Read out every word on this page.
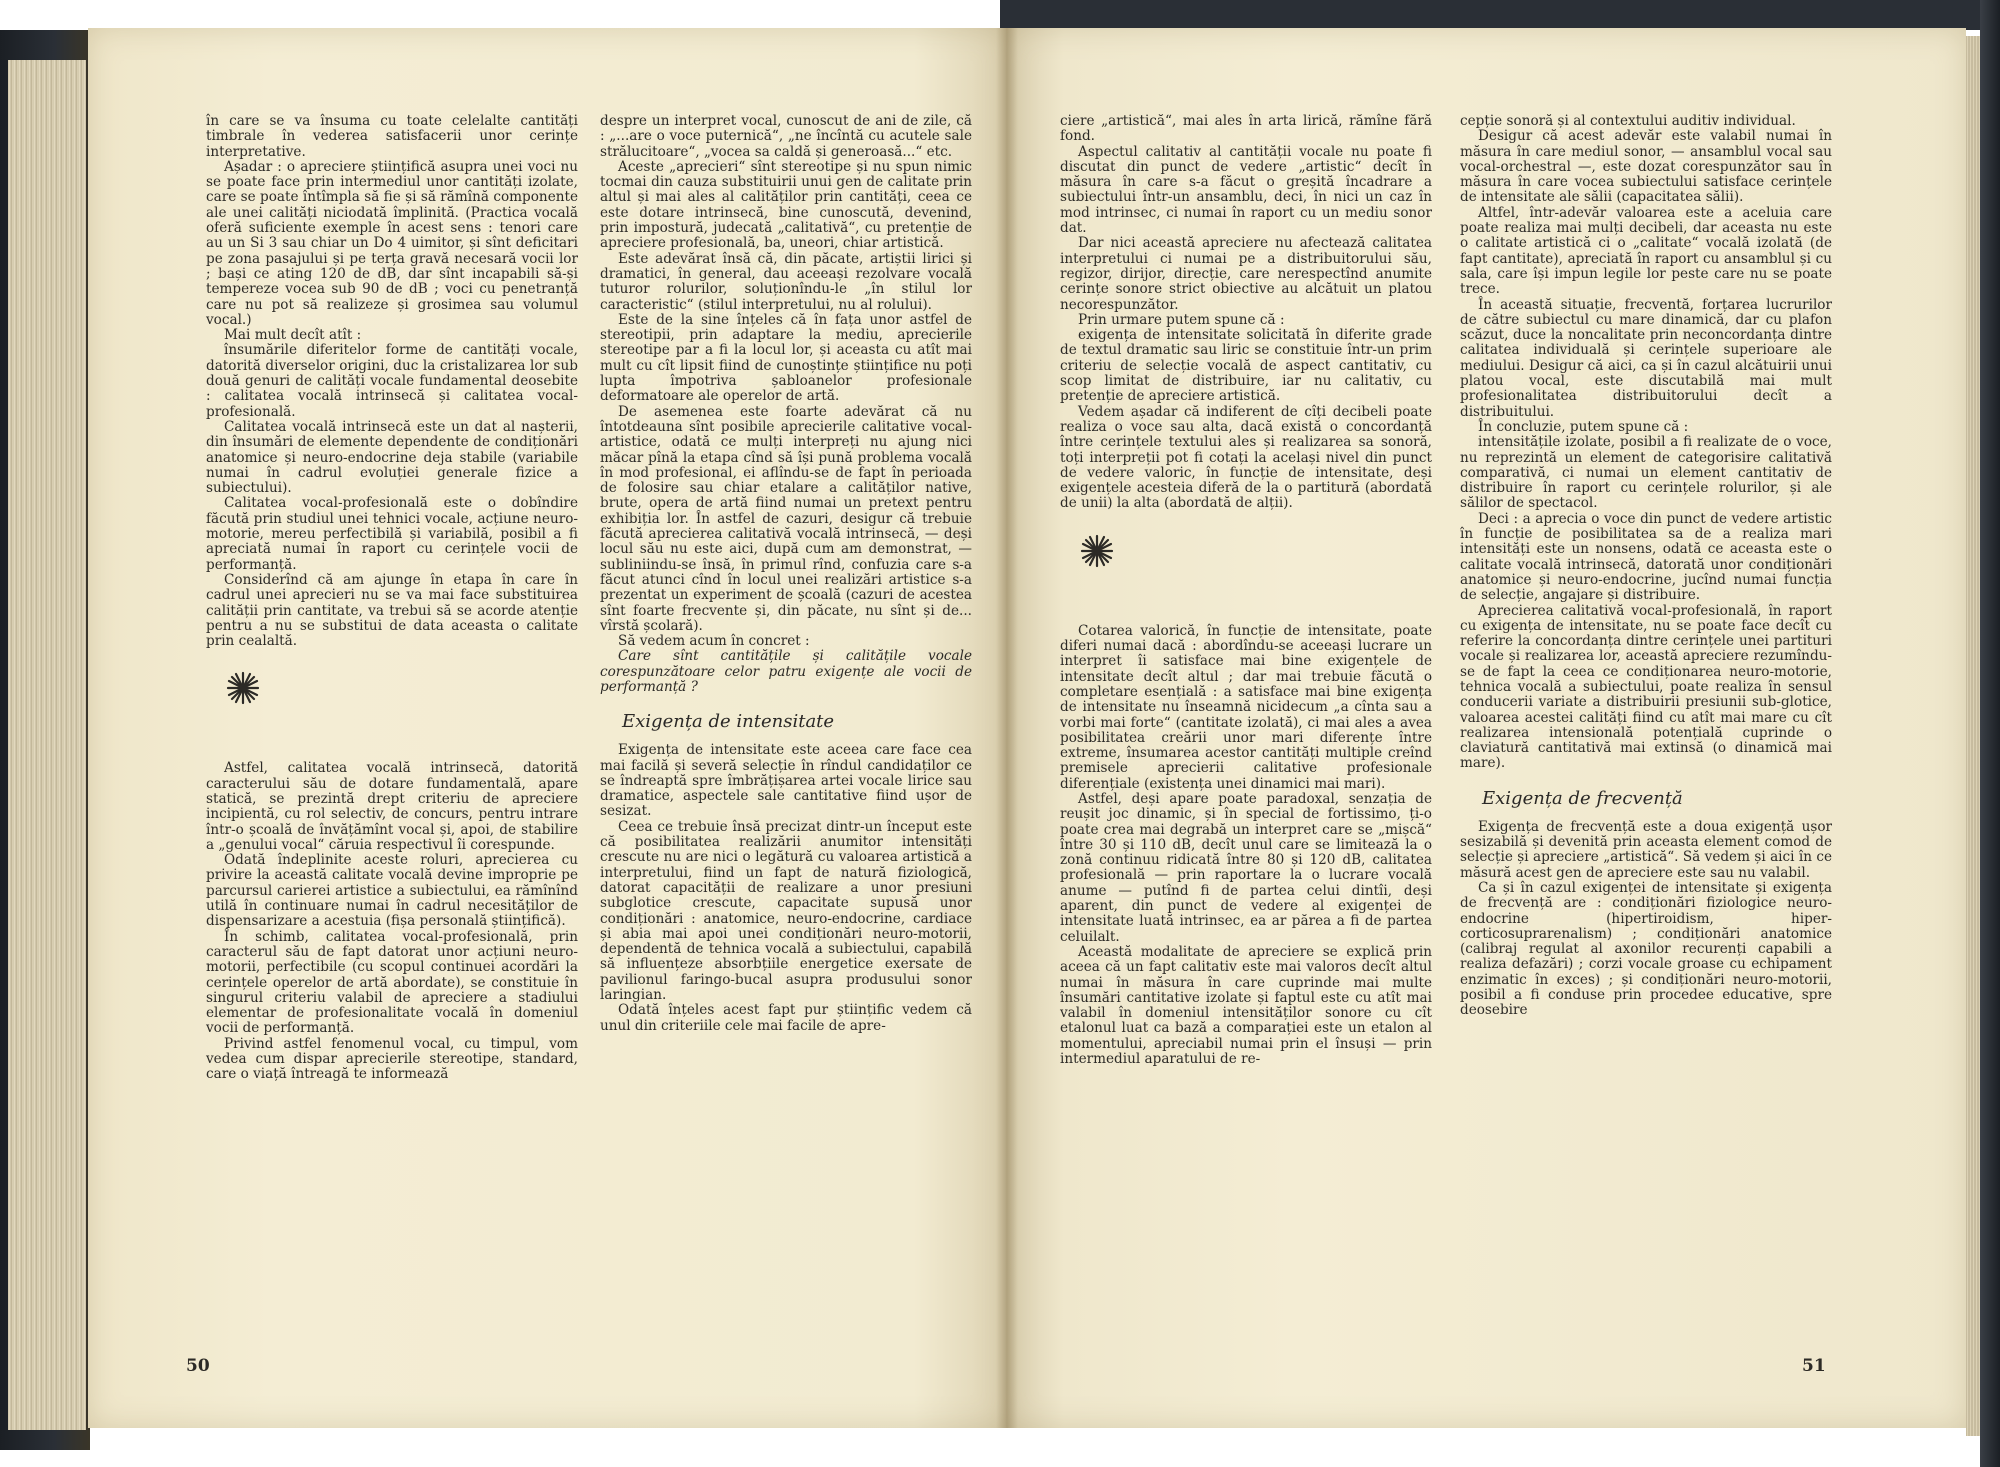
în care se va însuma cu toate celelalte cantități timbrale în vederea satisfacerii unor cerințe interpretative.

Așadar : o apreciere științifică asupra unei voci nu se poate face prin intermediul unor cantități izolate, care se poate întîmpla să fie și să rămînă componente ale unei calități niciodată împlinită. (Practica vocală oferă suficiente exemple în acest sens : tenori care au un Si 3 sau chiar un Do 4 uimitor, și sînt deficitari pe zona pasajului și pe terța gravă necesară vocii lor ; bași ce ating 120 de dB, dar sînt incapabili să-și tempereze vocea sub 90 de dB ; voci cu penetranță care nu pot să realizeze și grosimea sau volumul vocal.)

Mai mult decît atît :

însumările diferitelor forme de cantități vocale, datorită diverselor origini, duc la cristalizarea lor sub două genuri de calități vocale fundamental deosebite : calitatea vocală intrinsecă și calitatea vocal-profesională.

Calitatea vocală intrinsecă este un dat al nașterii, din însumări de elemente dependente de condiționări anatomice și neuro-endocrine deja stabile (variabile numai în cadrul evoluției generale fizice a subiectului).

Calitatea vocal-profesională este o dobîndire făcută prin studiul unei tehnici vocale, acțiune neuro-motorie, mereu perfectibilă și variabilă, posibil a fi apreciată numai în raport cu cerințele vocii de performanță.

Considerînd că am ajunge în etapa în care în cadrul unei aprecieri nu se va mai face substituirea calității prin cantitate, va trebui să se acorde atenție pentru a nu se substitui de data aceasta o calitate prin cealaltă.

Astfel, calitatea vocală intrinsecă, datorită caracterului său de dotare fundamentală, apare statică, se prezintă drept criteriu de apreciere incipientă, cu rol selectiv, de concurs, pentru intrare într-o școală de învățămînt vocal și, apoi, de stabilire a „genului vocal“ căruia respectivul îi corespunde.

Odată îndeplinite aceste roluri, aprecierea cu privire la această calitate vocală devine improprie pe parcursul carierei artistice a subiectului, ea rămînînd utilă în continuare numai în cadrul necesităților de dispensarizare a acestuia (fișa personală științifică).

În schimb, calitatea vocal-profesională, prin caracterul său de fapt datorat unor acțiuni neuro-motorii, perfectibile (cu scopul continuei acordări la cerințele operelor de artă abordate), se constituie în singurul criteriu valabil de apreciere a stadiului elementar de profesionalitate vocală în domeniul vocii de performanță.

Privind astfel fenomenul vocal, cu timpul, vom vedea cum dispar aprecierile stereotipe, standard, care o viață întreagă te informează

despre un interpret vocal, cunoscut de ani de zile, că : „...are o voce puternică“, „ne încîntă cu acutele sale strălucitoare“, „vocea sa caldă și generoasă...“ etc.

Aceste „aprecieri“ sînt stereotipe și nu spun nimic tocmai din cauza substituirii unui gen de calitate prin altul și mai ales al calităților prin cantități, ceea ce este dotare intrinsecă, bine cunoscută, devenind, prin impostură, judecată „calitativă“, cu pretenție de apreciere profesională, ba, uneori, chiar artistică.

Este adevărat însă că, din păcate, artiștii lirici și dramatici, în general, dau aceeași rezolvare vocală tuturor rolurilor, soluționîndu-le „în stilul lor caracteristic“ (stilul interpretului, nu al rolului).

Este de la sine înțeles că în fața unor astfel de stereotipii, prin adaptare la mediu, aprecierile stereotipe par a fi la locul lor, și aceasta cu atît mai mult cu cît lipsit fiind de cunoștințe științifice nu poți lupta împotriva șabloanelor profesionale deformatoare ale operelor de artă.

De asemenea este foarte adevărat că nu întotdeauna sînt posibile aprecierile calitative vocal-artistice, odată ce mulți interpreți nu ajung nici măcar pînă la etapa cînd să își pună problema vocală în mod profesional, ei aflîndu-se de fapt în perioada de folosire sau chiar etalare a calităților native, brute, opera de artă fiind numai un pretext pentru exhibiția lor. În astfel de cazuri, desigur că trebuie făcută aprecierea calitativă vocală intrinsecă, — deși locul său nu este aici, după cum am demonstrat, — subliniindu-se însă, în primul rînd, confuzia care s-a făcut atunci cînd în locul unei realizări artistice s-a prezentat un experiment de școală (cazuri de acestea sînt foarte frecvente și, din păcate, nu sînt și de... vîrstă școlară).

Să vedem acum în concret :

Care sînt cantitățile și calitățile vocale corespunzătoare celor patru exigențe ale vocii de performanță ?

Exigența de intensitate

Exigența de intensitate este aceea care face cea mai facilă și severă selecție în rîndul candidaților ce se îndreaptă spre îmbrățișarea artei vocale lirice sau dramatice, aspectele sale cantitative fiind ușor de sesizat.

Ceea ce trebuie însă precizat dintr-un început este că posibilitatea realizării anumitor intensități crescute nu are nici o legătură cu valoarea artistică a interpretului, fiind un fapt de natură fiziologică, datorat capacității de realizare a unor presiuni subglotice crescute, capacitate supusă unor condiționări : anatomice, neuro-endocrine, cardiace și abia mai apoi unei condiționări neuro-motorii, dependentă de tehnica vocală a subiectului, capabilă să influențeze absorbțiile energetice exersate de pavilionul faringo-bucal asupra produsului sonor laringian.

Odată înțeles acest fapt pur științific vedem că unul din criteriile cele mai facile de apre-

50

ciere „artistică“, mai ales în arta lirică, rămîne fără fond.

Aspectul calitativ al cantității vocale nu poate fi discutat din punct de vedere „artistic“ decît în măsura în care s-a făcut o greșită încadrare a subiectului într-un ansamblu, deci, în nici un caz în mod intrinsec, ci numai în raport cu un mediu sonor dat.

Dar nici această apreciere nu afectează calitatea interpretului ci numai pe a distribuitorului său, regizor, dirijor, direcție, care nerespectînd anumite cerințe sonore strict obiective au alcătuit un platou necorespunzător.

Prin urmare putem spune că :

exigența de intensitate solicitată în diferite grade de textul dramatic sau liric se constituie într-un prim criteriu de selecție vocală de aspect cantitativ, cu scop limitat de distribuire, iar nu calitativ, cu pretenție de apreciere artistică.

Vedem așadar că indiferent de cîți decibeli poate realiza o voce sau alta, dacă există o concordanță între cerințele textului ales și realizarea sa sonoră, toți interpreții pot fi cotați la același nivel din punct de vedere valoric, în funcție de intensitate, deși exigențele acesteia diferă de la o partitură (abordată de unii) la alta (abordată de alții).

Cotarea valorică, în funcție de intensitate, poate diferi numai dacă : abordîndu-se aceeași lucrare un interpret îi satisface mai bine exigențele de intensitate decît altul ; dar mai trebuie făcută o completare esențială : a satisface mai bine exigența de intensitate nu înseamnă nicidecum „a cînta sau a vorbi mai forte“ (cantitate izolată), ci mai ales a avea posibilitatea creării unor mari diferențe între extreme, însumarea acestor cantități multiple creînd premisele aprecierii calitative profesionale diferențiale (existența unei dinamici mai mari).

Astfel, deși apare poate paradoxal, senzația de reușit joc dinamic, și în special de fortissimo, ți-o poate crea mai degrabă un interpret care se „mișcă“ între 30 și 110 dB, decît unul care se limitează la o zonă continuu ridicată între 80 și 120 dB, calitatea profesională — prin raportare la o lucrare vocală anume — putînd fi de partea celui dintîi, deși aparent, din punct de vedere al exigenței de intensitate luată intrinsec, ea ar părea a fi de partea celuilalt.

Această modalitate de apreciere se explică prin aceea că un fapt calitativ este mai valoros decît altul numai în măsura în care cuprinde mai multe însumări cantitative izolate și faptul este cu atît mai valabil în domeniul intensităților sonore cu cît etalonul luat ca bază a comparației este un etalon al momentului, apreciabil numai prin el însuși — prin intermediul aparatului de re-

cepție sonoră și al contextului auditiv individual.

Desigur că acest adevăr este valabil numai în măsura în care mediul sonor, — ansamblul vocal sau vocal-orchestral —, este dozat corespunzător sau în măsura în care vocea subiectului satisface cerințele de intensitate ale sălii (capacitatea sălii).

Altfel, într-adevăr valoarea este a aceluia care poate realiza mai mulți decibeli, dar aceasta nu este o calitate artistică ci o „calitate“ vocală izolată (de fapt cantitate), apreciată în raport cu ansamblul și cu sala, care își impun legile lor peste care nu se poate trece.

În această situație, frecventă, forțarea lucrurilor de către subiectul cu mare dinamică, dar cu plafon scăzut, duce la noncalitate prin neconcordanța dintre calitatea individuală și cerințele superioare ale mediului. Desigur că aici, ca și în cazul alcătuirii unui platou vocal, este discutabilă mai mult profesionalitatea distribuitorului decît a distribuitului.

În concluzie, putem spune că :

intensitățile izolate, posibil a fi realizate de o voce, nu reprezintă un element de categorisire calitativă comparativă, ci numai un element cantitativ de distribuire în raport cu cerințele rolurilor, și ale sălilor de spectacol.

Deci : a aprecia o voce din punct de vedere artistic în funcție de posibilitatea sa de a realiza mari intensități este un nonsens, odată ce aceasta este o calitate vocală intrinsecă, datorată unor condiționări anatomice și neuro-endocrine, jucînd numai funcția de selecție, angajare și distribuire.

Aprecierea calitativă vocal-profesională, în raport cu exigența de intensitate, nu se poate face decît cu referire la concordanța dintre cerințele unei partituri vocale și realizarea lor, această apreciere rezumîndu-se de fapt la ceea ce condiționarea neuro-motorie, tehnica vocală a subiectului, poate realiza în sensul conducerii variate a distribuirii presiunii sub-glotice, valoarea acestei calități fiind cu atît mai mare cu cît realizarea intensională potențială cuprinde o claviatură cantitativă mai extinsă (o dinamică mai mare).

Exigența de frecvență

Exigența de frecvență este a doua exigență ușor sesizabilă și devenită prin aceasta element comod de selecție și apreciere „artistică“. Să vedem și aici în ce măsură acest gen de apreciere este sau nu valabil.

Ca și în cazul exigenței de intensitate și exigența de frecvență are : condiționări fiziologice neuro-endocrine (hipertiroidism, hiper-corticosuprarenalism) ; condiționări anatomice (calibraj regulat al axonilor recurenți capabili a realiza defazări) ; corzi vocale groase cu echipament enzimatic în exces) ; și condiționări neuro-motorii, posibil a fi conduse prin procedee educative, spre deosebire

51
